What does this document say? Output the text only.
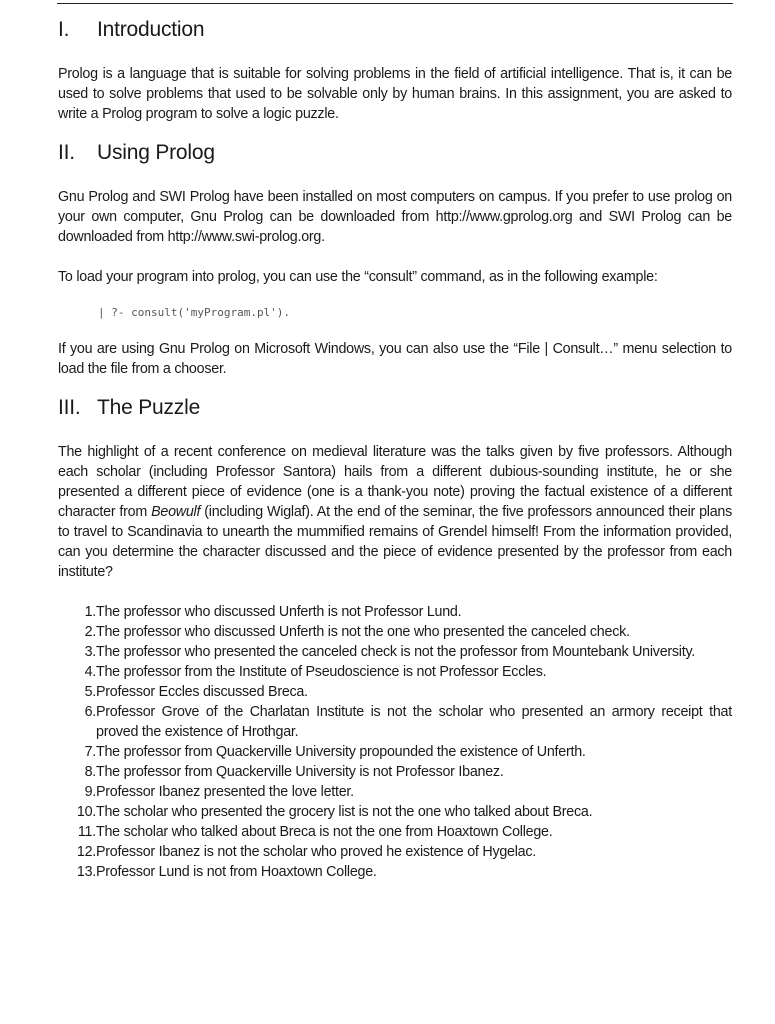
I.	Introduction

Prolog is a language that is suitable for solving problems in the field of artificial intelligence. That is, it can be used to solve problems that used to be solvable only by human brains. In this assignment, you are asked to write a Prolog program to solve a logic puzzle.

II.	Using Prolog

Gnu Prolog and SWI Prolog have been installed on most computers on campus. If you prefer to use prolog on your own computer, Gnu Prolog can be downloaded from http://www.gprolog.org and SWI Prolog can be downloaded from http://www.swi-prolog.org.

To load your program into prolog, you can use the “consult” command, as in the following example:

| ?- consult('myProgram.pl').

If you are using Gnu Prolog on Microsoft Windows, you can also use the “File | Consult…” menu selection to load the file from a chooser.

III. The Puzzle

The highlight of a recent conference on medieval literature was the talks given by five professors. Although each scholar (including Professor Santora) hails from a different dubious-sounding institute, he or she presented a different piece of evidence (one is a thank-you note) proving the factual existence of a different character from Beowulf (including Wiglaf). At the end of the seminar, the five professors announced their plans to travel to Scandinavia to unearth the mummified remains of Grendel himself! From the information provided, can you determine the character discussed and the piece of evidence presented by the professor from each institute?

1. The professor who discussed Unferth is not Professor Lund.
2. The professor who discussed Unferth is not the one who presented the canceled check.
3. The professor who presented the canceled check is not the professor from Mountebank University.
4. The professor from the Institute of Pseudoscience is not Professor Eccles.
5. Professor Eccles discussed Breca.
6. Professor Grove of the Charlatan Institute is not the scholar who presented an armory receipt that proved the existence of Hrothgar.
7. The professor from Quackerville University propounded the existence of Unferth.
8. The professor from Quackerville University is not Professor Ibanez.
9. Professor Ibanez presented the love letter.
10. The scholar who presented the grocery list is not the one who talked about Breca.
11. The scholar who talked about Breca is not the one from Hoaxtown College.
12. Professor Ibanez is not the scholar who proved he existence of Hygelac.
13. Professor Lund is not from Hoaxtown College.
